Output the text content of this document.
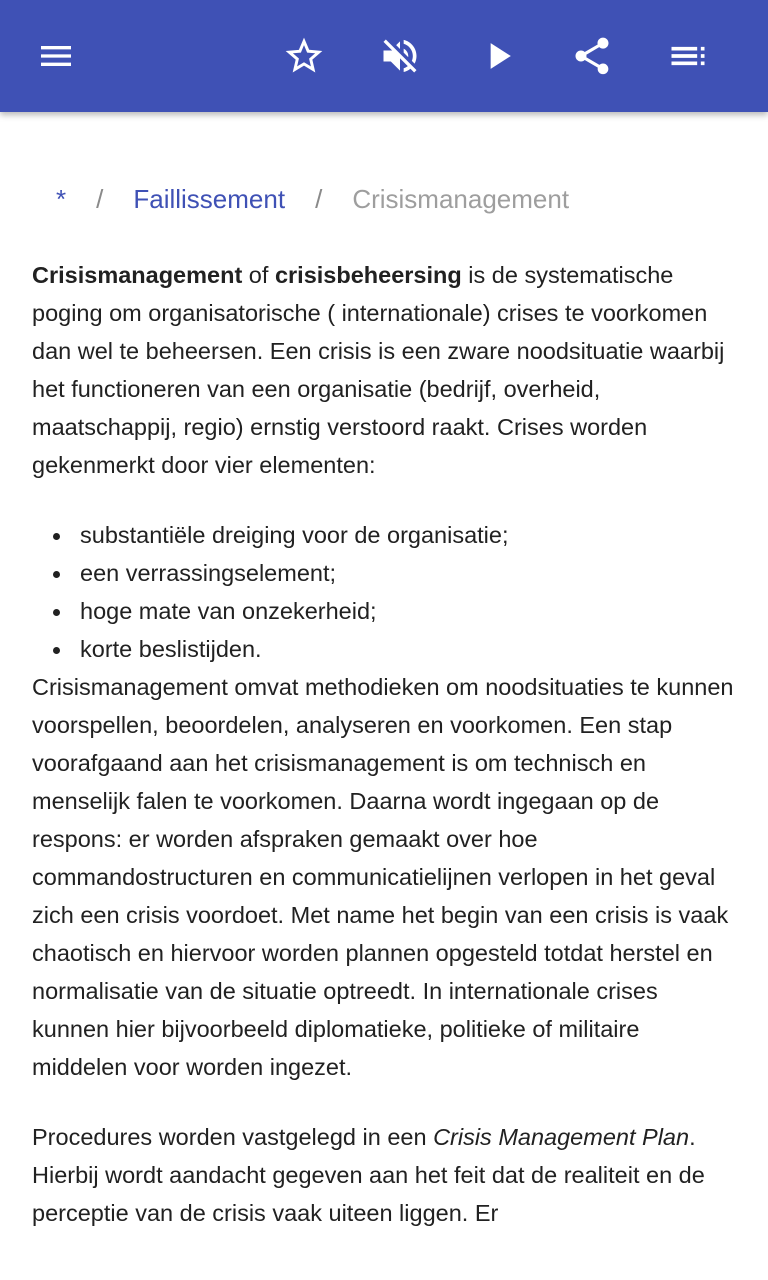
* / Faillissement / Crisismanagement

Crisismanagement of crisisbeheersing is de systematische poging om organisatorische ( internationale) crises te voorkomen dan wel te beheersen. Een crisis is een zware noodsituatie waarbij het functioneren van een organisatie (bedrijf, overheid, maatschappij, regio) ernstig verstoord raakt. Crises worden gekenmerkt door vier elementen:

substantiële dreiging voor de organisatie;
een verrassingselement;
hoge mate van onzekerheid;
korte beslistijden.

Crisismanagement omvat methodieken om noodsituaties te kunnen voorspellen, beoordelen, analyseren en voorkomen. Een stap voorafgaand aan het crisismanagement is om technisch en menselijk falen te voorkomen. Daarna wordt ingegaan op de respons: er worden afspraken gemaakt over hoe commandostructuren en communicatielijnen verlopen in het geval zich een crisis voordoet. Met name het begin van een crisis is vaak chaotisch en hiervoor worden plannen opgesteld totdat herstel en normalisatie van de situatie optreedt. In internationale crises kunnen hier bijvoorbeeld diplomatieke, politieke of militaire middelen voor worden ingezet.

Procedures worden vastgelegd in een Crisis Management Plan. Hierbij wordt aandacht gegeven aan het feit dat de realiteit en de perceptie van de crisis vaak uiteen liggen. Er
